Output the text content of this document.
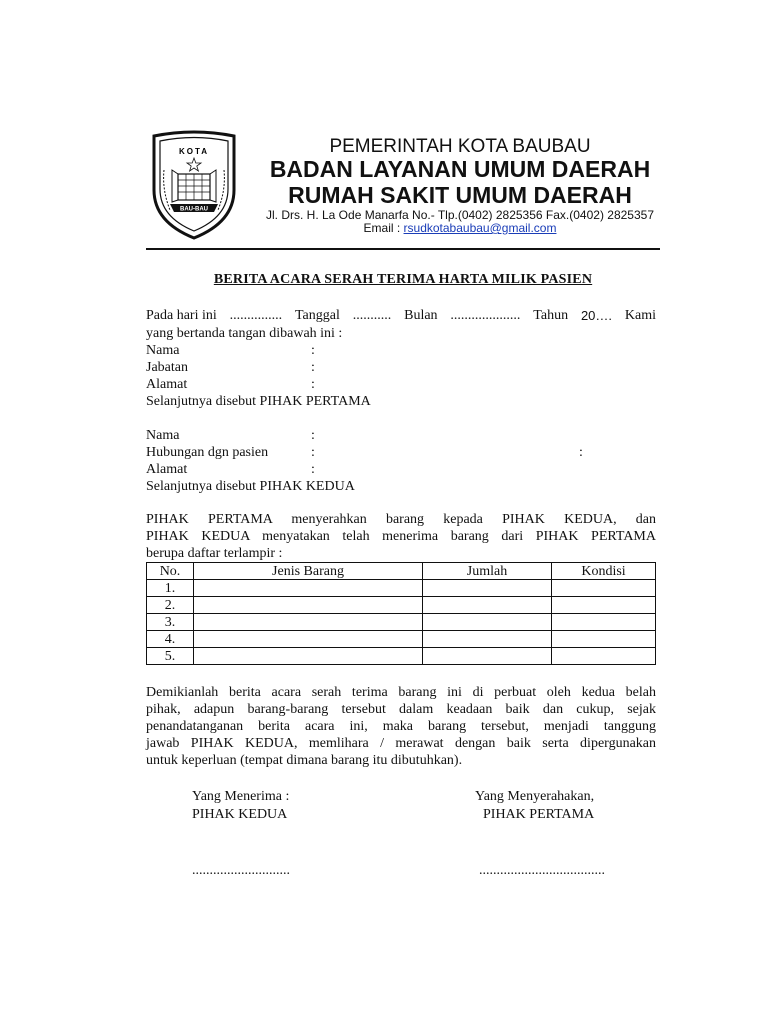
KOTA
BAU-BAU
PEMERINTAH KOTA BAUBAU
BADAN LAYANAN UMUM DAERAH
RUMAH SAKIT UMUM DAERAH
Jl. Drs. H. La Ode Manarfa No.- Tlp.(0402) 2825356 Fax.(0402) 2825357
Email : rsudkotabaubau@gmail.com
BERITA ACARA SERAH TERIMA HARTA MILIK PASIEN
Pada hari ini ............... Tanggal ........... Bulan .................... Tahun 20…. Kami
yang bertanda tangan dibawah ini :
Nama	:
Jabatan	:
Alamat	:
Selanjutnya disebut PIHAK PERTAMA
Nama	:
Hubungan dgn pasien	:	:
Alamat	:
Selanjutnya disebut PIHAK KEDUA
PIHAK PERTAMA menyerahkan barang kepada PIHAK KEDUA, dan
PIHAK KEDUA menyatakan telah menerima barang dari PIHAK PERTAMA
berupa daftar terlampir :
No.	Jenis Barang	Jumlah	Kondisi
1.			
2.			
3.			
4.			
5.			
Demikianlah berita acara serah terima barang ini di perbuat oleh kedua belah
pihak, adapun barang-barang tersebut dalam keadaan baik dan cukup, sejak
penandatanganan berita acara ini, maka barang tersebut, menjadi tanggung
jawab PIHAK KEDUA, memlihara / merawat dengan baik serta dipergunakan
untuk keperluan (tempat dimana barang itu dibutuhkan).
Yang Menerima :
PIHAK KEDUA
............................
Yang Menyerahakan,
PIHAK PERTAMA
....................................
